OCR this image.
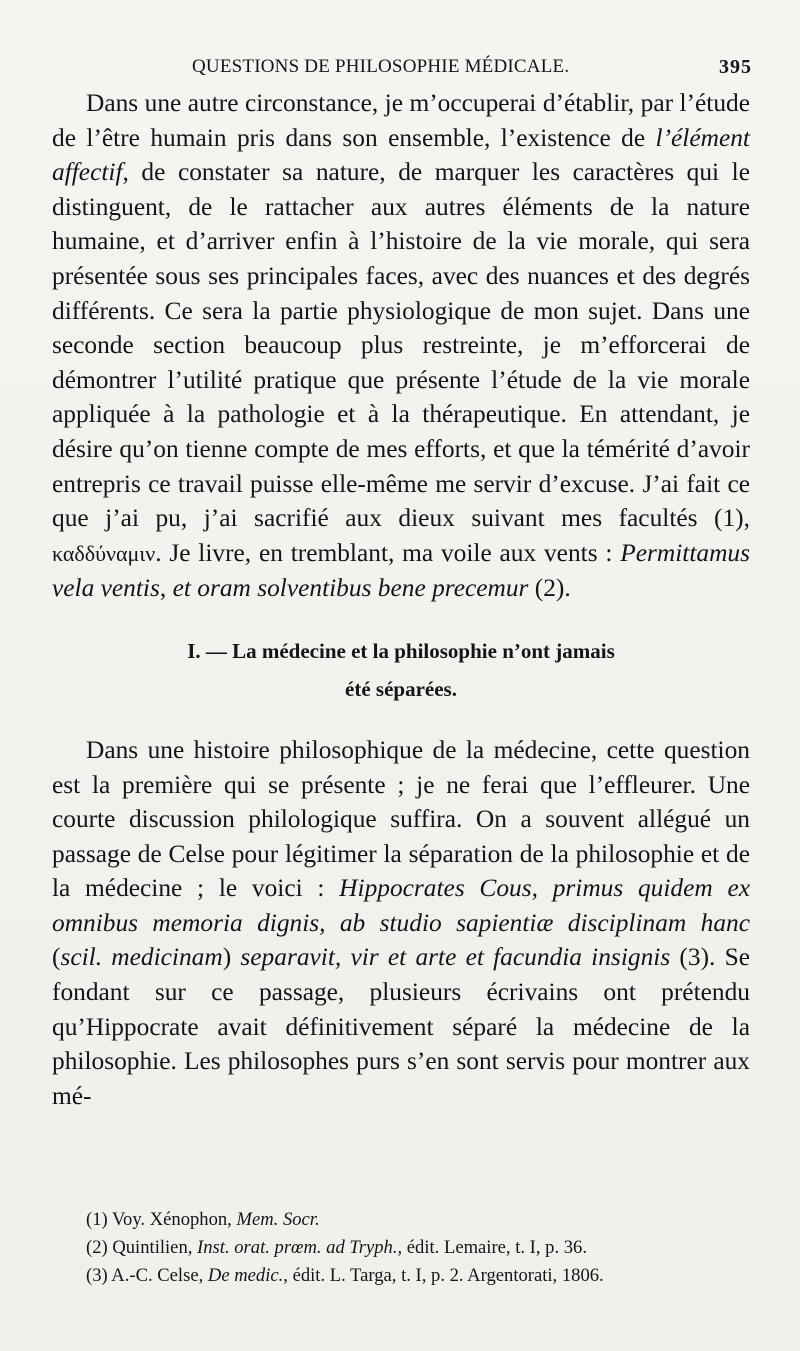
QUESTIONS DE PHILOSOPHIE MÉDICALE.	395

Dans une autre circonstance, je m’occuperai d’établir, par l’étude de l’être humain pris dans son ensemble, l’existence de l’élément affectif, de constater sa nature, de marquer les caractères qui le distinguent, de le rattacher aux autres éléments de la nature humaine, et d’arriver enfin à l’histoire de la vie morale, qui sera présentée sous ses principales faces, avec des nuances et des degrés différents. Ce sera la partie physiologique de mon sujet. Dans une seconde section beaucoup plus restreinte, je m’efforcerai de démontrer l’utilité pratique que présente l’étude de la vie morale appliquée à la pathologie et à la thérapeutique. En attendant, je désire qu’on tienne compte de mes efforts, et que la témérité d’avoir entrepris ce travail puisse elle-même me servir d’excuse. J’ai fait ce que j’ai pu, j’ai sacrifié aux dieux suivant mes facultés (1), καδδύναμιν. Je livre, en tremblant, ma voile aux vents : Permittamus vela ventis, et oram solventibus bene precemur (2).

I. — La médecine et la philosophie n’ont jamais
été séparées.

Dans une histoire philosophique de la médecine, cette question est la première qui se présente ; je ne ferai que l’effleurer. Une courte discussion philologique suffira. On a souvent allégué un passage de Celse pour légitimer la séparation de la philosophie et de la médecine ; le voici : Hippocrates Cous, primus quidem ex omnibus memoria dignis, ab studio sapientiæ disciplinam hanc (scil. medicinam) separavit, vir et arte et facundia insignis (3). Se fondant sur ce passage, plusieurs écrivains ont prétendu qu’Hippocrate avait définitivement séparé la médecine de la philosophie. Les philosophes purs s’en sont servis pour montrer aux mé-

(1) Voy. Xénophon, Mem. Socr.

(2) Quintilien, Inst. orat. prœm. ad Tryph., édit. Lemaire, t. I, p. 36.

(3) A.-C. Celse, De medic., édit. L. Targa, t. I, p. 2. Argentorati, 1806.
